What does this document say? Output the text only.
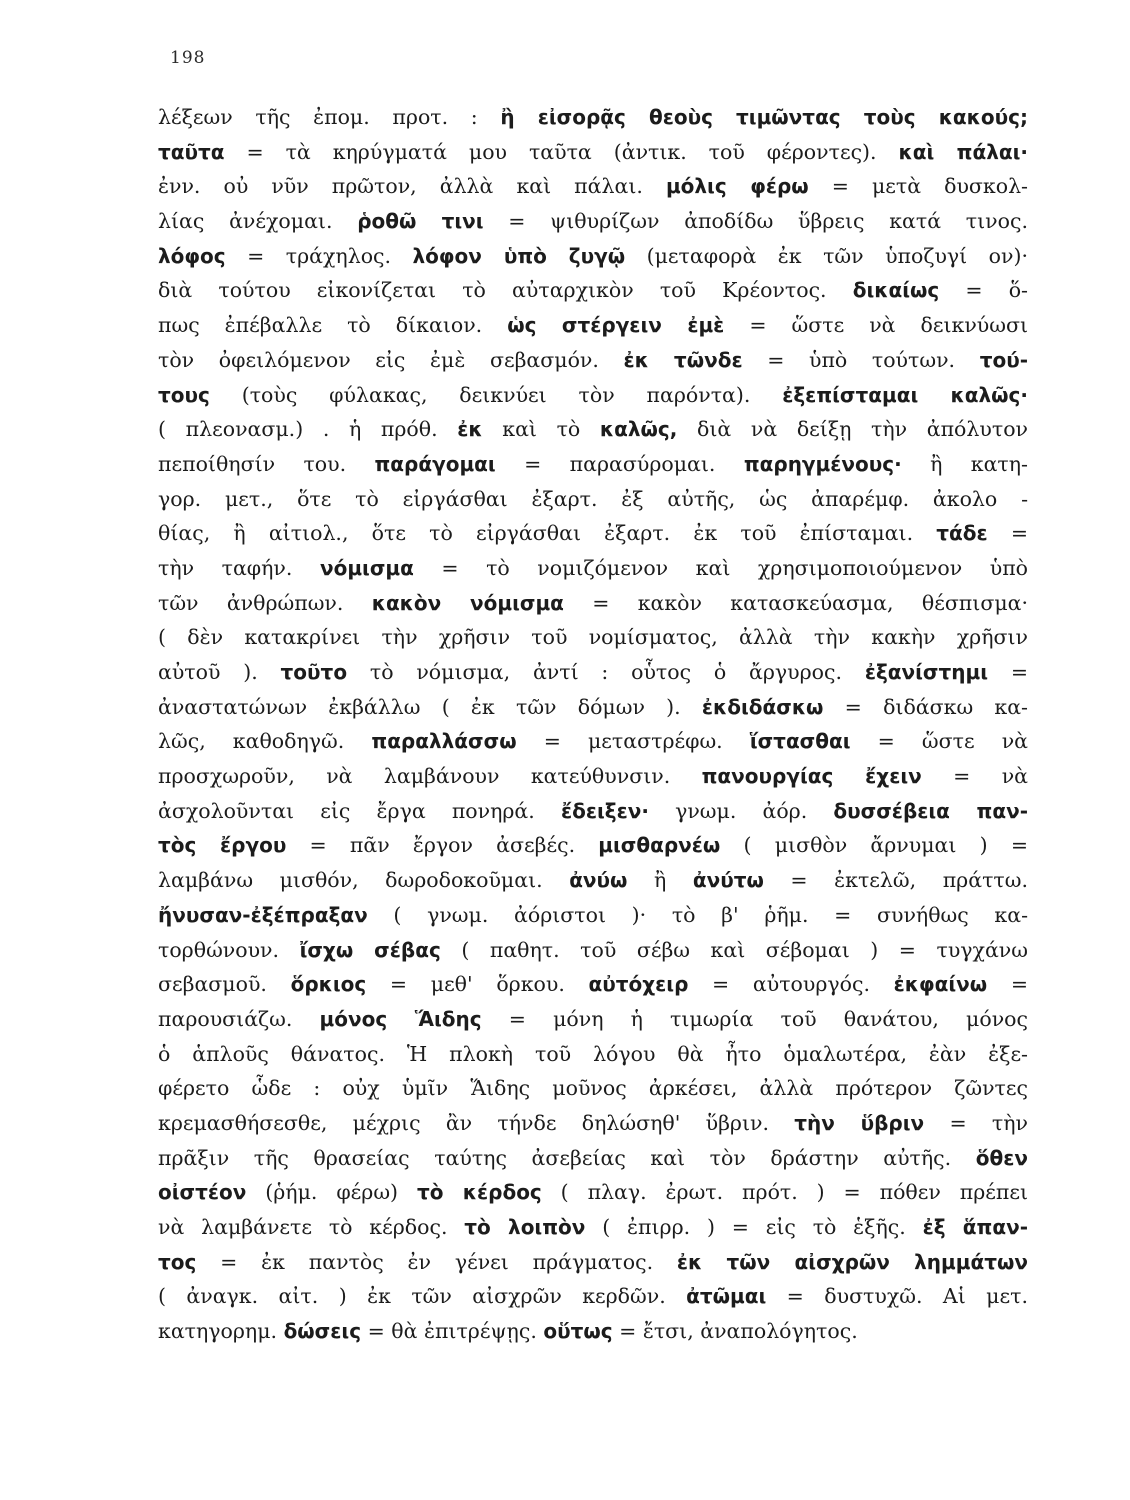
198
λέξεων τῆς ἐπομ. προτ. : ἢ εἰσορᾷς θεοὺς τιμῶντας τοὺς κακούς;
ταῦτα = τὰ κηρύγματά μου ταῦτα (ἀντικ. τοῦ φέροντες). καὶ πάλαι·
ἐνν. οὐ νῦν πρῶτον, ἀλλὰ καὶ πάλαι. μόλις φέρω = μετὰ δυσκολ-
λίας ἀνέχομαι. ῥοθῶ τινι = ψιθυρίζων ἀποδίδω ὕβρεις κατά τινος.
λόφος = τράχηλος. λόφον ὑπὸ ζυγῷ (μεταφορὰ ἐκ τῶν ὑποζυγί ον)·
διὰ τούτου εἰκονίζεται τὸ αὐταρχικὸν τοῦ Κρέοντος. δικαίως = ὅ-
πως ἐπέβαλλε τὸ δίκαιον. ὡς στέργειν ἐμὲ = ὥστε νὰ δεικνύωσι
τὸν ὀφειλόμενον εἰς ἐμὲ σεβασμόν. ἐκ τῶνδε = ὑπὸ τούτων. τού-
τους (τοὺς φύλακας, δεικνύει τὸν παρόντα). ἐξεπίσταμαι καλῶς·
( πλεονασμ.) . ἡ πρόθ. ἐκ καὶ τὸ καλῶς, διὰ νὰ δείξῃ τὴν ἀπόλυτον
πεποίθησίν του. παράγομαι = παρασύρομαι. παρηγμένους· ἢ κατη-
γορ. μετ., ὅτε τὸ εἰργάσθαι ἐξαρτ. ἐξ αὐτῆς, ὡς ἀπαρέμφ. ἀκολο -
θίας, ἢ αἰτιολ., ὅτε τὸ εἰργάσθαι ἐξαρτ. ἐκ τοῦ ἐπίσταμαι. τάδε =
τὴν ταφήν. νόμισμα = τὸ νομιζόμενον καὶ χρησιμοποιούμενον ὑπὸ
τῶν ἀνθρώπων. κακὸν νόμισμα = κακὸν κατασκεύασμα, θέσπισμα·
( δὲν κατακρίνει τὴν χρῆσιν τοῦ νομίσματος, ἀλλὰ τὴν κακὴν χρῆσιν
αὐτοῦ ). τοῦτο τὸ νόμισμα, ἀντί : οὗτος ὁ ἄργυρος. ἐξανίστημι =
ἀναστατώνων ἐκβάλλω ( ἐκ τῶν δόμων ). ἐκδιδάσκω = διδάσκω κα-
λῶς, καθοδηγῶ. παραλλάσσω = μεταστρέφω. ἵστασθαι = ὥστε νὰ
προσχωροῦν, νὰ λαμβάνουν κατεύθυνσιν. πανουργίας ἔχειν = νὰ
ἀσχολοῦνται εἰς ἔργα πονηρά. ἔδειξεν· γνωμ. ἀόρ. δυσσέβεια παν-
τὸς ἔργου = πᾶν ἔργον ἀσεβές. μισθαρνέω ( μισθὸν ἄρνυμαι ) =
λαμβάνω μισθόν, δωροδοκοῦμαι. ἀνύω ἢ ἀνύτω = ἐκτελῶ, πράττω.
ἤνυσαν-ἐξέπραξαν ( γνωμ. ἀόριστοι )· τὸ β' ῥῆμ. = συνήθως κα-
τορθώνουν. ἴσχω σέβας ( παθητ. τοῦ σέβω καὶ σέβομαι ) = τυγχάνω
σεβασμοῦ. ὅρκιος = μεθ' ὅρκου. αὐτόχειρ = αὐτουργός. ἐκφαίνω =
παρουσιάζω. μόνος Ἅιδης = μόνη ἡ τιμωρία τοῦ θανάτου, μόνος
ὁ ἁπλοῦς θάνατος. Ἡ πλοκὴ τοῦ λόγου θὰ ἦτο ὁμαλωτέρα, ἐὰν ἐξε-
φέρετο ὧδε : οὐχ ὑμῖν Ἅιδης μοῦνος ἀρκέσει, ἀλλὰ πρότερον ζῶντες
κρεμασθήσεσθε, μέχρις ἂν τήνδε δηλώσηθ' ὕβριν. τὴν ὕβριν = τὴν
πρᾶξιν τῆς θρασείας ταύτης ἀσεβείας καὶ τὸν δράστην αὐτῆς. ὅθεν
οἰστέον (ῥήμ. φέρω) τὸ κέρδος ( πλαγ. ἐρωτ. πρότ. ) = πόθεν πρέπει
νὰ λαμβάνετε τὸ κέρδος. τὸ λοιπὸν ( ἐπιρρ. ) = εἰς τὸ ἑξῆς. ἐξ ἅπαν-
τος = ἐκ παντὸς ἐν γένει πράγματος. ἐκ τῶν αἰσχρῶν λημμάτων
( ἀναγκ. αἰτ. ) ἐκ τῶν αἰσχρῶν κερδῶν. ἀτῶμαι = δυστυχῶ. Αἱ μετ.
κατηγορημ. δώσεις = θὰ ἐπιτρέψῃς. οὕτως = ἔτσι, ἀναπολόγητος.
